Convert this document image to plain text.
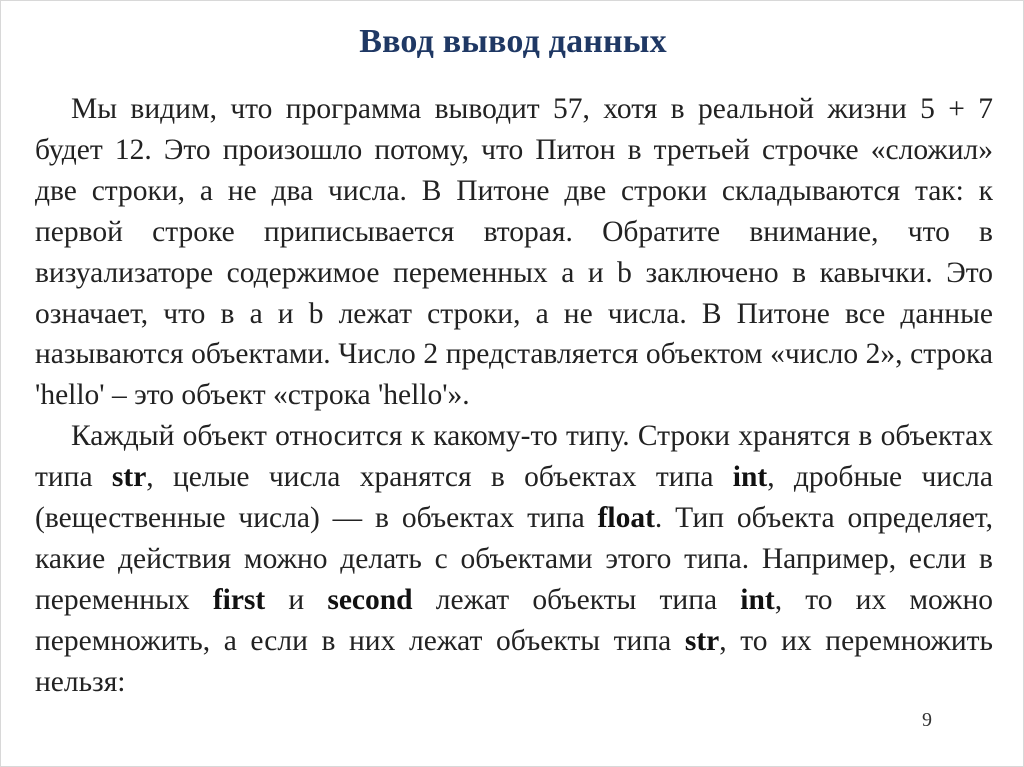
Ввод вывод данных

Мы видим, что программа выводит 57, хотя в реальной жизни 5 + 7 будет 12. Это произошло потому, что Питон в третьей строчке «сложил» две строки, а не два числа. В Питоне две строки складываются так: к первой строке приписывается вторая. Обратите внимание, что в визуализаторе содержимое переменных a и b заключено в кавычки. Это означает, что в a и b лежат строки, а не числа. В Питоне все данные называются объектами. Число 2 представляется объектом «число 2», строка 'hello' – это объект «строка 'hello'».

Каждый объект относится к какому-то типу. Строки хранятся в объектах типа str, целые числа хранятся в объектах типа int, дробные числа (вещественные числа) — в объектах типа float. Тип объекта определяет, какие действия можно делать с объектами этого типа. Например, если в переменных first и second лежат объекты типа int, то их можно перемножить, а если в них лежат объекты типа str, то их перемножить нельзя:

9
